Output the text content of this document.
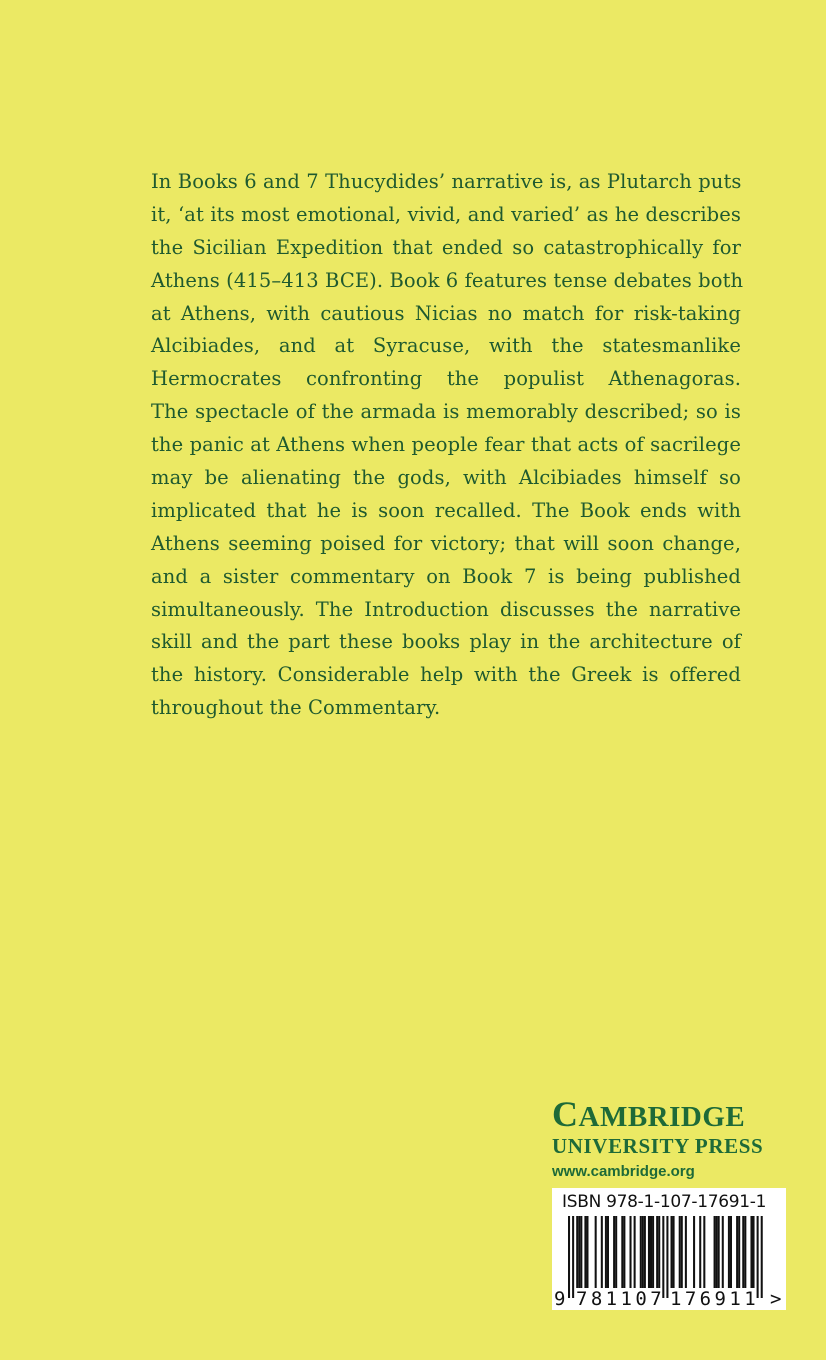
In Books 6 and 7 Thucydides’ narrative is, as Plutarch puts
it, ‘at its most emotional, vivid, and varied’ as he describes
the Sicilian Expedition that ended so catastrophically for
Athens (415–413 BCE). Book 6 features tense debates both
at Athens, with cautious Nicias no match for risk-taking
Alcibiades, and at Syracuse, with the statesmanlike
Hermocrates confronting the populist Athenagoras.
The spectacle of the armada is memorably described; so is
the panic at Athens when people fear that acts of sacrilege
may be alienating the gods, with Alcibiades himself so
implicated that he is soon recalled. The Book ends with
Athens seeming poised for victory; that will soon change,
and a sister commentary on Book 7 is being published
simultaneously. The Introduction discusses the narrative
skill and the part these books play in the architecture of
the history. Considerable help with the Greek is offered
throughout the Commentary.
CAMBRIDGE
UNIVERSITY PRESS
www.cambridge.org
ISBN 978-1-107-17691-1
9 781107 176911 >
